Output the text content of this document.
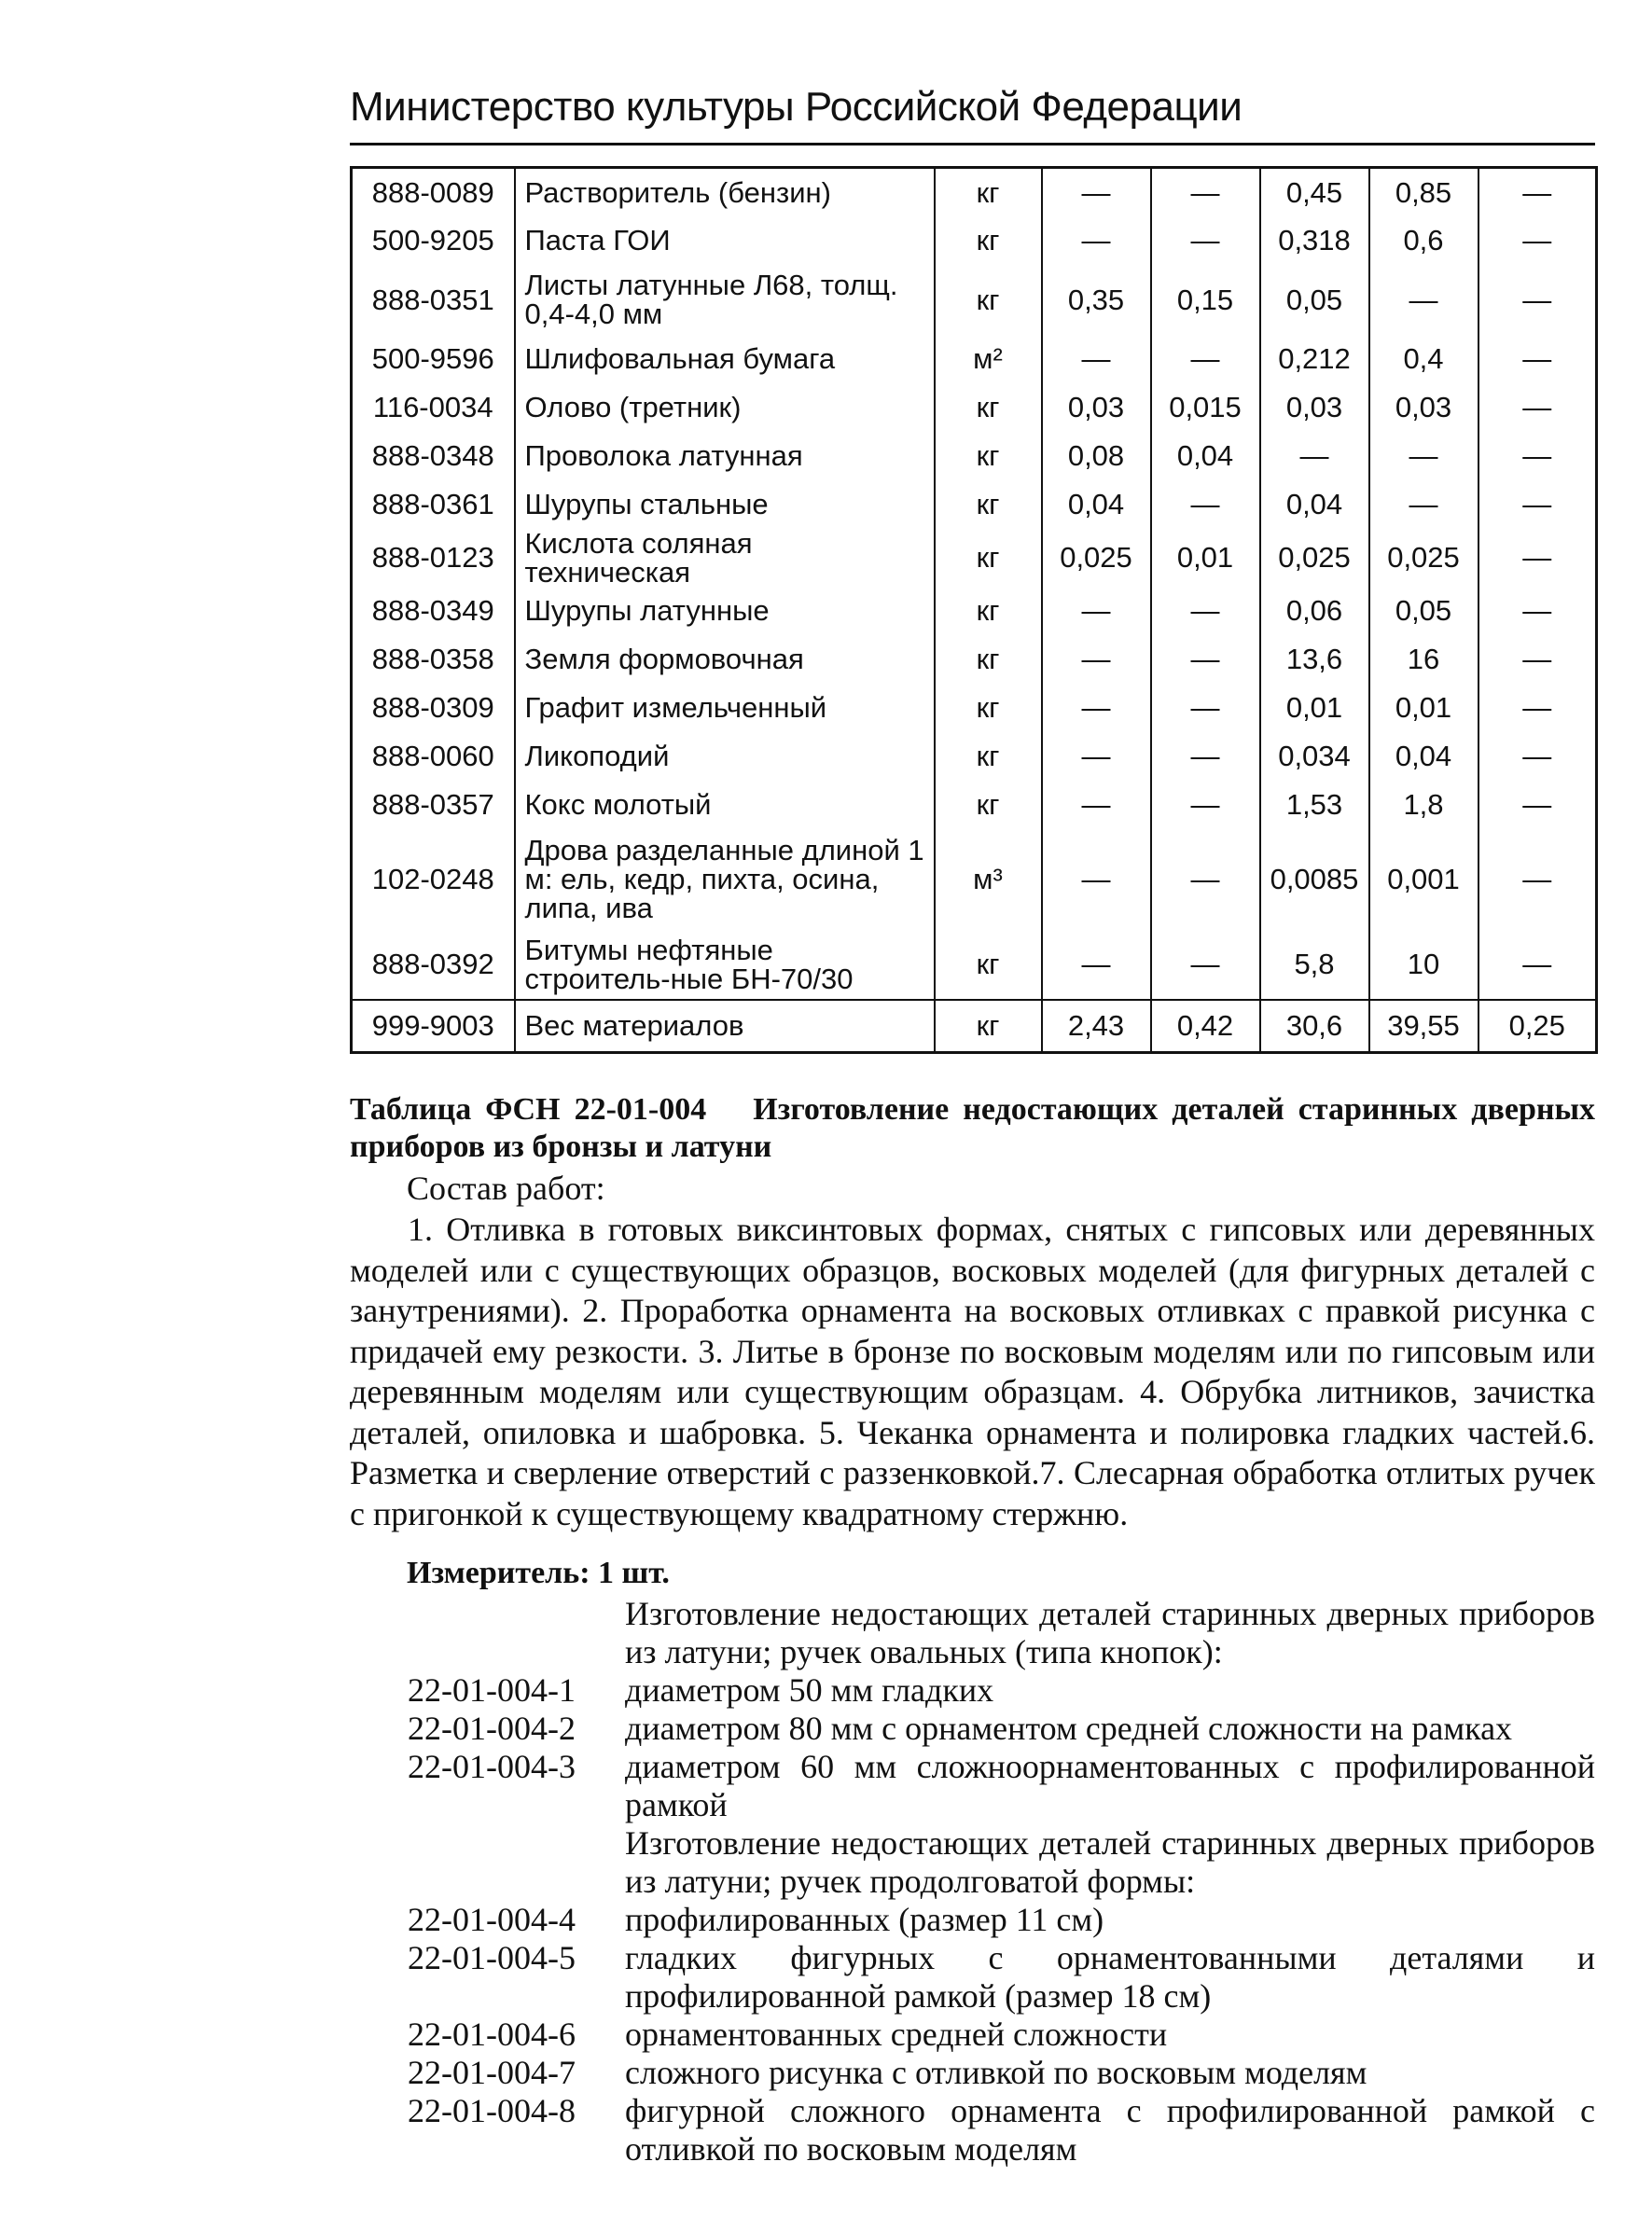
Министерство культуры Российской Федерации
888-0089	Растворитель (бензин)	кг	—	—	0,45	0,85	—
500-9205	Паста ГОИ	кг	—	—	0,318	0,6	—
888-0351	Листы латунные Л68, толщ. 0,4-4,0 мм	кг	0,35	0,15	0,05	—	—
500-9596	Шлифовальная бумага	м²	—	—	0,212	0,4	—
116-0034	Олово (третник)	кг	0,03	0,015	0,03	0,03	—
888-0348	Проволока латунная	кг	0,08	0,04	—	—	—
888-0361	Шурупы стальные	кг	0,04	—	0,04	—	—
888-0123	Кислота соляная техническая	кг	0,025	0,01	0,025	0,025	—
888-0349	Шурупы латунные	кг	—	—	0,06	0,05	—
888-0358	Земля формовочная	кг	—	—	13,6	16	—
888-0309	Графит измельченный	кг	—	—	0,01	0,01	—
888-0060	Ликоподий	кг	—	—	0,034	0,04	—
888-0357	Кокс молотый	кг	—	—	1,53	1,8	—
102-0248	Дрова разделанные длиной 1 м: ель, кедр, пихта, осина, липа, ива	м³	—	—	0,0085	0,001	—
888-0392	Битумы нефтяные строитель-ные БН-70/30	кг	—	—	5,8	10	—
999-9003	Вес материалов	кг	2,43	0,42	30,6	39,55	0,25
Таблица ФСН 22-01-004 Изготовление недостающих деталей старинных дверных приборов из бронзы и латуни
Состав работ:

1. Отливка в готовых виксинтовых формах, снятых с гипсовых или деревянных моделей или с существующих образцов, восковых моделей (для фигурных деталей с занутрениями). 2. Проработка орнамента на восковых отливках с правкой рисунка с придачей ему резкости. 3. Литье в бронзе по восковым моделям или по гипсовым или деревянным моделям или существующим образцам. 4. Обрубка литников, зачистка деталей, опиловка и шабровка. 5. Чеканка орнамента и полировка гладких частей.6. Разметка и сверление отверстий с раззенковкой.7. Слесарная обработка отлитых ручек с пригонкой к существующему квадратному стержню.

Измеритель: 1 шт.
Изготовление недостающих деталей старинных дверных приборов из латуни; ручек овальных (типа кнопок):
22-01-004-1	диаметром 50 мм гладких
22-01-004-2	диаметром 80 мм с орнаментом средней сложности на рамках
22-01-004-3	диаметром 60 мм сложноорнаментованных с профилированной рамкой
Изготовление недостающих деталей старинных дверных приборов из латуни; ручек продолговатой формы:
22-01-004-4	профилированных (размер 11 см)
22-01-004-5	гладких фигурных с орнаментованными деталями и профилированной рамкой (размер 18 см)
22-01-004-6	орнаментованных средней сложности
22-01-004-7	сложного рисунка с отливкой по восковым моделям
22-01-004-8	фигурной сложного орнамента с профилированной рамкой с отливкой по восковым моделям
